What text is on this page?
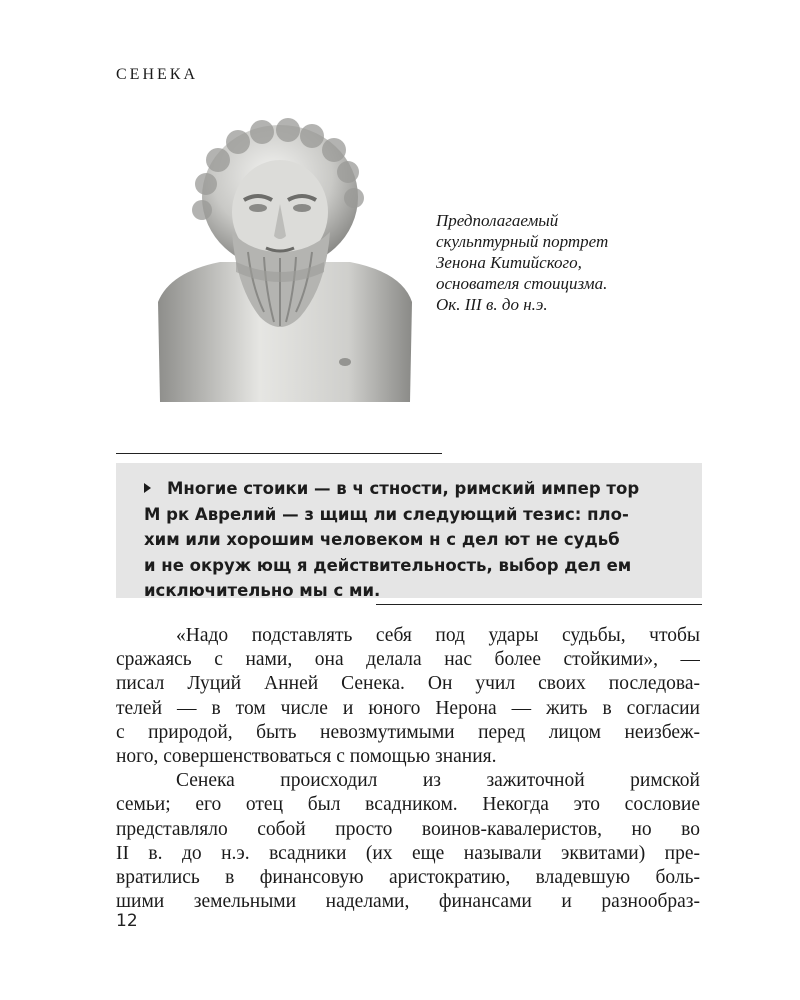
СЕНЕКА
Предполагаемый
скульптурный портрет
Зенона Китийского,
основателя стоицизма.
Ок. III в. до н.э.
Многие стоики — в ч стности, римский импер тор
М рк Аврелий — з щищ ли следующий тезис: пло-
хим или хорошим человеком н с дел ют не судьб
и не окруж ющ я действительность, выбор дел ем
исключительно мы с ми.
«Надо подставлять себя под удары судьбы, чтобы
сражаясь с нами, она делала нас более стойкими», —
писал Луций Анней Сенека. Он учил своих последова-
телей — в том числе и юного Нерона — жить в согласии
с природой, быть невозмутимыми перед лицом неизбеж-
ного, совершенствоваться с помощью знания.
Сенека происходил из зажиточной римской
семьи; его отец был всадником. Некогда это сословие
представляло собой просто воинов-кавалеристов, но во
II в. до н.э. всадники (их еще называли эквитами) пре-
вратились в финансовую аристократию, владевшую боль-
шими земельными наделами, финансами и разнообраз-
12
